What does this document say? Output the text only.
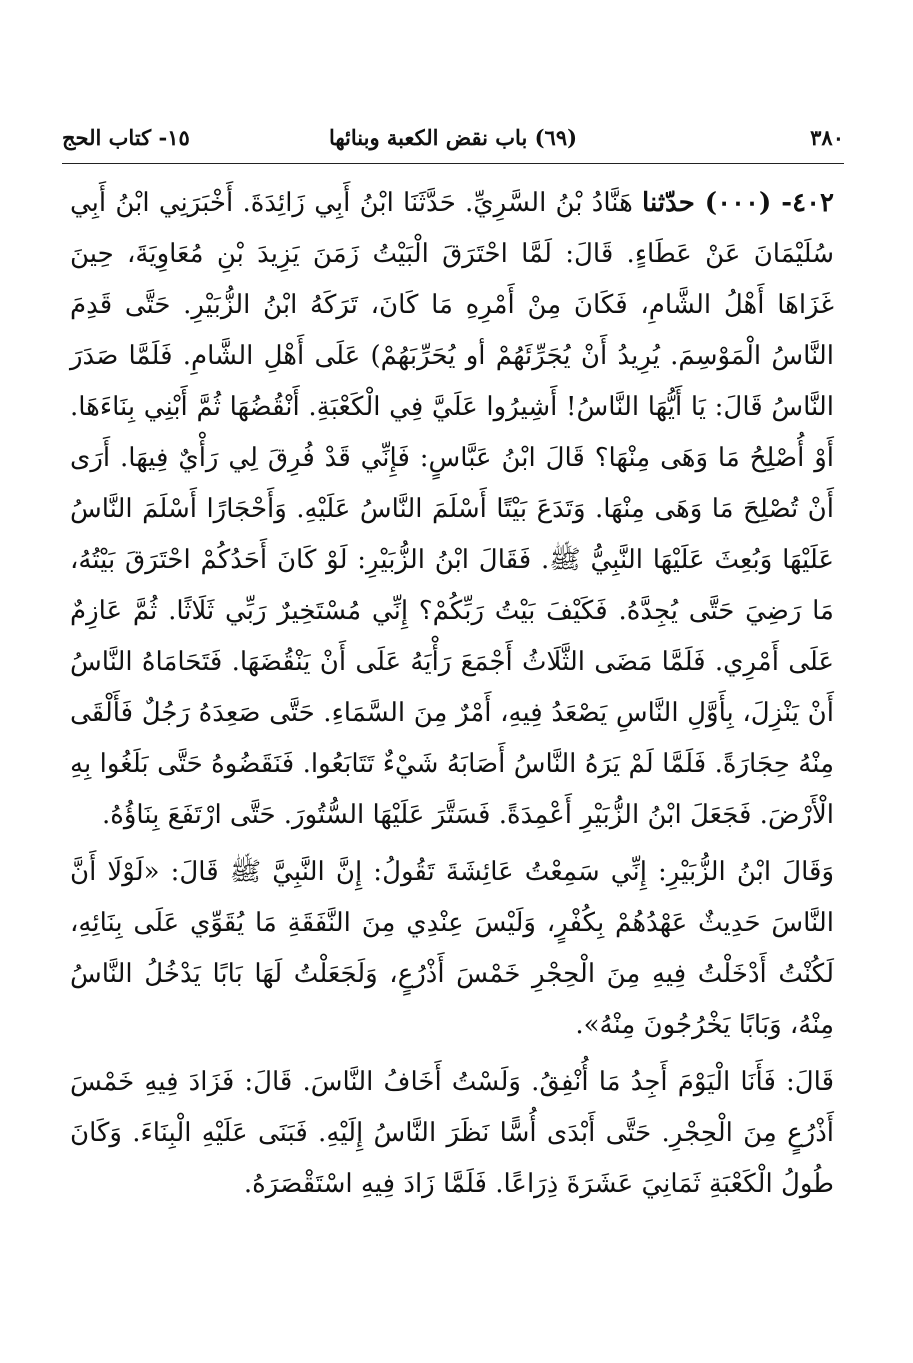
١٥- كتاب الحج	(٦٩) باب نقض الكعبة وبنائها	٣٨٠

٤٠٢- (٠٠٠) حدّثنا هَنَّادُ بْنُ السَّرِيِّ. حَدَّثَنَا ابْنُ أَبِي زَائِدَةَ. أَخْبَرَنِي ابْنُ أَبِي سُلَيْمَانَ عَنْ عَطَاءٍ. قَالَ: لَمَّا احْتَرَقَ الْبَيْتُ زَمَنَ يَزِيدَ بْنِ مُعَاوِيَةَ، حِينَ غَزَاهَا أَهْلُ الشَّامِ، فَكَانَ مِنْ أَمْرِهِ مَا كَانَ، تَرَكَهُ ابْنُ الزُّبَيْرِ. حَتَّى قَدِمَ النَّاسُ الْمَوْسِمَ. يُرِيدُ أَنْ يُجَرِّئَهُمْ أو يُحَرِّبَهُمْ) عَلَى أَهْلِ الشَّامِ. فَلَمَّا صَدَرَ النَّاسُ قَالَ: يَا أَيُّهَا النَّاسُ! أَشِيرُوا عَلَيَّ فِي الْكَعْبَةِ. أَنْقُضُهَا ثُمَّ أَبْنِي بِنَاءَهَا. أَوْ أُصْلِحُ مَا وَهَى مِنْهَا؟ قَالَ ابْنُ عَبَّاسٍ: فَإِنِّي قَدْ فُرِقَ لِي رَأْيٌ فِيهَا. أَرَى أَنْ تُصْلِحَ مَا وَهَى مِنْهَا. وَتَدَعَ بَيْتًا أَسْلَمَ النَّاسُ عَلَيْهِ. وَأَحْجَارًا أَسْلَمَ النَّاسُ عَلَيْهَا وَبُعِثَ عَلَيْهَا النَّبِيُّ ﷺ. فَقَالَ ابْنُ الزُّبَيْرِ: لَوْ كَانَ أَحَدُكُمْ احْتَرَقَ بَيْتُهُ، مَا رَضِيَ حَتَّى يُجِدَّهُ. فَكَيْفَ بَيْتُ رَبِّكُمْ؟ إِنِّي مُسْتَخِيرٌ رَبِّي ثَلَاثًا. ثُمَّ عَازِمٌ عَلَى أَمْرِي. فَلَمَّا مَضَى الثَّلَاثُ أَجْمَعَ رَأْيَهُ عَلَى أَنْ يَنْقُضَهَا. فَتَحَامَاهُ النَّاسُ أَنْ يَنْزِلَ، بِأَوَّلِ النَّاسِ يَصْعَدُ فِيهِ، أَمْرٌ مِنَ السَّمَاءِ. حَتَّى صَعِدَهُ رَجُلٌ فَأَلْقَى مِنْهُ حِجَارَةً. فَلَمَّا لَمْ يَرَهُ النَّاسُ أَصَابَهُ شَيْءٌ تَتَابَعُوا. فَنَقَضُوهُ حَتَّى بَلَغُوا بِهِ الْأَرْضَ. فَجَعَلَ ابْنُ الزُّبَيْرِ أَعْمِدَةً. فَسَتَّرَ عَلَيْهَا السُّتُورَ. حَتَّى ارْتَفَعَ بِنَاؤُهُ.

وَقَالَ ابْنُ الزُّبَيْرِ: إِنِّي سَمِعْتُ عَائِشَةَ تَقُولُ: إِنَّ النَّبِيَّ ﷺ قَالَ: «لَوْلَا أَنَّ النَّاسَ حَدِيثٌ عَهْدُهُمْ بِكُفْرٍ، وَلَيْسَ عِنْدِي مِنَ النَّفَقَةِ مَا يُقَوِّي عَلَى بِنَائِهِ، لَكُنْتُ أَدْخَلْتُ فِيهِ مِنَ الْحِجْرِ خَمْسَ أَذْرُعٍ، وَلَجَعَلْتُ لَهَا بَابًا يَدْخُلُ النَّاسُ مِنْهُ، وَبَابًا يَخْرُجُونَ مِنْهُ».

قَالَ: فَأَنَا الْيَوْمَ أَجِدُ مَا أُنْفِقُ. وَلَسْتُ أَخَافُ النَّاسَ. قَالَ: فَزَادَ فِيهِ خَمْسَ أَذْرُعٍ مِنَ الْحِجْرِ. حَتَّى أَبْدَى أُسًّا نَظَرَ النَّاسُ إِلَيْهِ. فَبَنَى عَلَيْهِ الْبِنَاءَ. وَكَانَ طُولُ الْكَعْبَةِ ثَمَانِيَ عَشَرَةَ ذِرَاعًا. فَلَمَّا زَادَ فِيهِ اسْتَقْصَرَهُ.
